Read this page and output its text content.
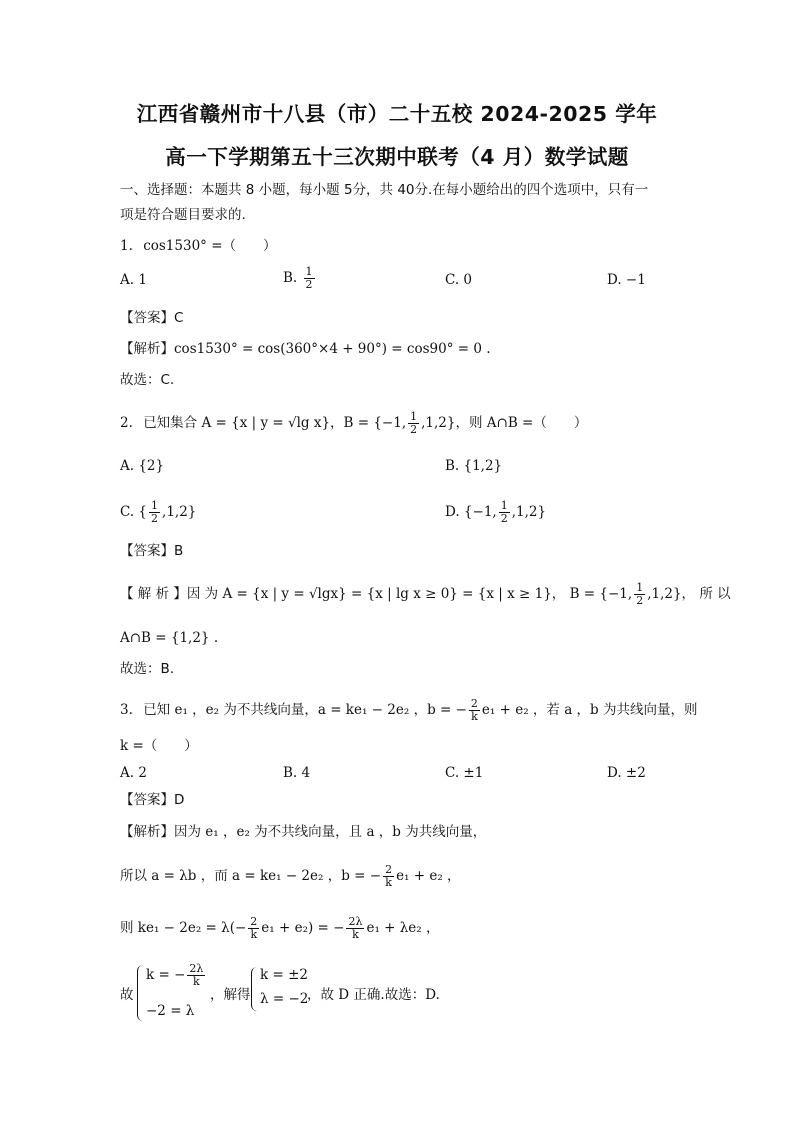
江西省赣州市十八县（市）二十五校 2024-2025 学年
高一下学期第五十三次期中联考（4 月）数学试题
一、选择题：本题共 8 小题，每小题 5分，共 40分.在每小题给出的四个选项中，只有一
项是符合题目要求的.
1. cos1530° =（　　）
A. 1	B. $\frac{1}{2}$	C. 0	D. −1
【答案】C
【解析】cos1530° = cos(360°×4 + 90°) = cos90° = 0 .
故选：C.
2. 已知集合 A = {x | y = √lg x}，B = {−1, $\frac{1}{2} ,1,2$}，则 A∩B =（　　）
A. {2}	B. {1,2}
C. { $\frac{1}{2} ,1,2$}	D. {−1, $\frac{1}{2} ,1,2$}
【答案】B
【 解 析 】因 为 A = {x | y = √lgx} = {x | lg x ≥ 0} = {x | x ≥ 1}， B = {−1, $\frac{1}{2} ,1,2$}， 所 以
A∩B = {1,2} .
故选：B.
3. 已知 e₁ ，e₂ 为不共线向量，a = ke₁ − 2e₂ ，b = − $\frac{2}{k} e_1 + e_2$ ，若 a ，b 为共线向量，则
k =（　　）
A. 2	B. 4	C. ±1	D. ±2
【答案】D
【解析】因为 e₁ ，e₂ 为不共线向量，且 a ，b 为共线向量，
所以 a = λb ，而 a = ke₁ − 2e₂ ，b = − $\frac{2}{k} e_1 + e_2$ ，
则 $ke_1 - 2e_2 = \lambda(- \frac{2}{k} e_1 + e_2)$ = − $\frac{2\lambda}{k} e_1 + \lambda e_2$ ，
故
k = − $\frac{2\lambda}{k}$
−2 = λ
，解得
k = ±2
λ = −2
，故 D 正确.故选：D.
